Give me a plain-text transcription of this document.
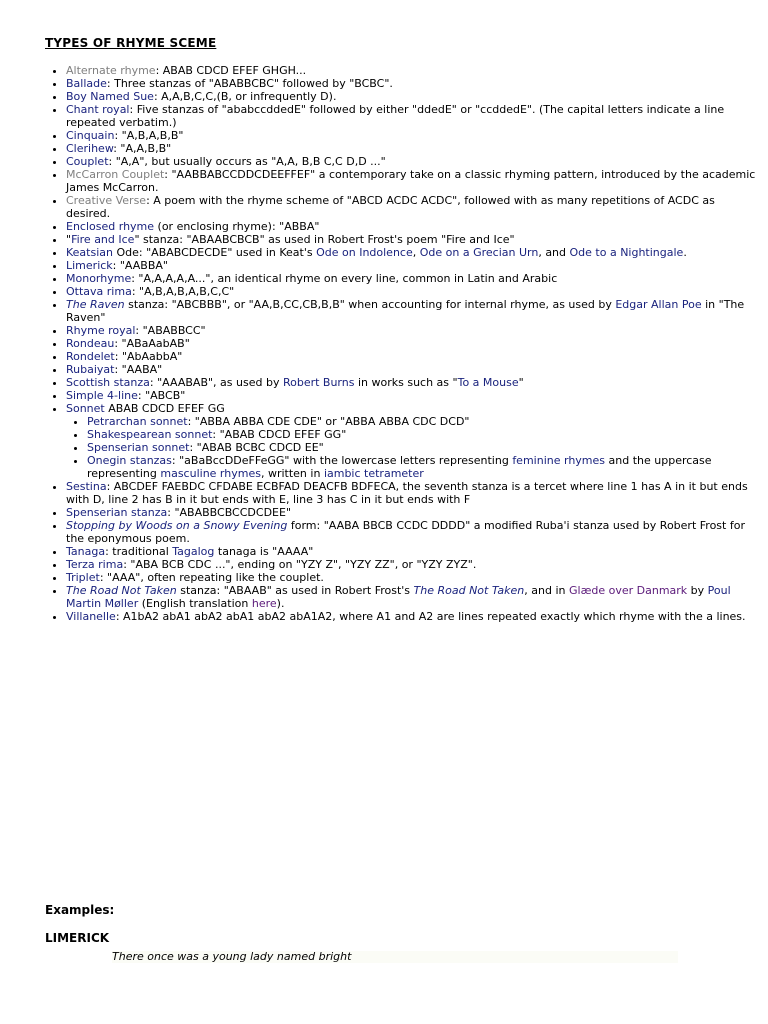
TYPES OF RHYME SCEME
• Alternate rhyme: ABAB CDCD EFEF GHGH...
• Ballade: Three stanzas of "ABABBCBC" followed by "BCBC".
• Boy Named Sue: A,A,B,C,C,(B, or infrequently D).
• Chant royal: Five stanzas of "ababccddedE" followed by either "ddedE" or "ccddedE". (The capital letters indicate a line repeated verbatim.)
• Cinquain: "A,B,A,B,B"
• Clerihew: "A,A,B,B"
• Couplet: "A,A", but usually occurs as "A,A, B,B C,C D,D ..."
• McCarron Couplet: "AABBABCCDDCDEEFFEF" a contemporary take on a classic rhyming pattern, introduced by the academic James McCarron.
• Creative Verse: A poem with the rhyme scheme of "ABCD ACDC ACDC", followed with as many repetitions of ACDC as desired.
• Enclosed rhyme (or enclosing rhyme): "ABBA"
• "Fire and Ice" stanza: "ABAABCBCB" as used in Robert Frost's poem "Fire and Ice"
• Keatsian Ode: "ABABCDECDE" used in Keat's Ode on Indolence, Ode on a Grecian Urn, and Ode to a Nightingale.
• Limerick: "AABBA"
• Monorhyme: "A,A,A,A,A...", an identical rhyme on every line, common in Latin and Arabic
• Ottava rima: "A,B,A,B,A,B,C,C"
• The Raven stanza: "ABCBBB", or "AA,B,CC,CB,B,B" when accounting for internal rhyme, as used by Edgar Allan Poe in "The Raven"
• Rhyme royal: "ABABBCC"
• Rondeau: "ABaAabAB"
• Rondelet: "AbAabbA"
• Rubaiyat: "AABA"
• Scottish stanza: "AAABAB", as used by Robert Burns in works such as "To a Mouse"
• Simple 4-line: "ABCB"
• Sonnet ABAB CDCD EFEF GG
• Petrarchan sonnet: "ABBA ABBA CDE CDE" or "ABBA ABBA CDC DCD"
• Shakespearean sonnet: "ABAB CDCD EFEF GG"
• Spenserian sonnet: "ABAB BCBC CDCD EE"
• Onegin stanzas: "aBaBccDDeFFeGG" with the lowercase letters representing feminine rhymes and the uppercase representing masculine rhymes, written in iambic tetrameter
• Sestina: ABCDEF FAEBDC CFDABE ECBFAD DEACFB BDFECA, the seventh stanza is a tercet where line 1 has A in it but ends with D, line 2 has B in it but ends with E, line 3 has C in it but ends with F
• Spenserian stanza: "ABABBCBCCDCDEE"
• Stopping by Woods on a Snowy Evening form: "AABA BBCB CCDC DDDD" a modified Ruba'i stanza used by Robert Frost for the eponymous poem.
• Tanaga: traditional Tagalog tanaga is "AAAA"
• Terza rima: "ABA BCB CDC ...", ending on "YZY Z", "YZY ZZ", or "YZY ZYZ".
• Triplet: "AAA", often repeating like the couplet.
• The Road Not Taken stanza: "ABAAB" as used in Robert Frost's The Road Not Taken, and in Glæde over Danmark by Poul Martin Møller (English translation here).
• Villanelle: A1bA2 abA1 abA2 abA1 abA2 abA1A2, where A1 and A2 are lines repeated exactly which rhyme with the a lines.
Examples:
LIMERICK
There once was a young lady named bright
